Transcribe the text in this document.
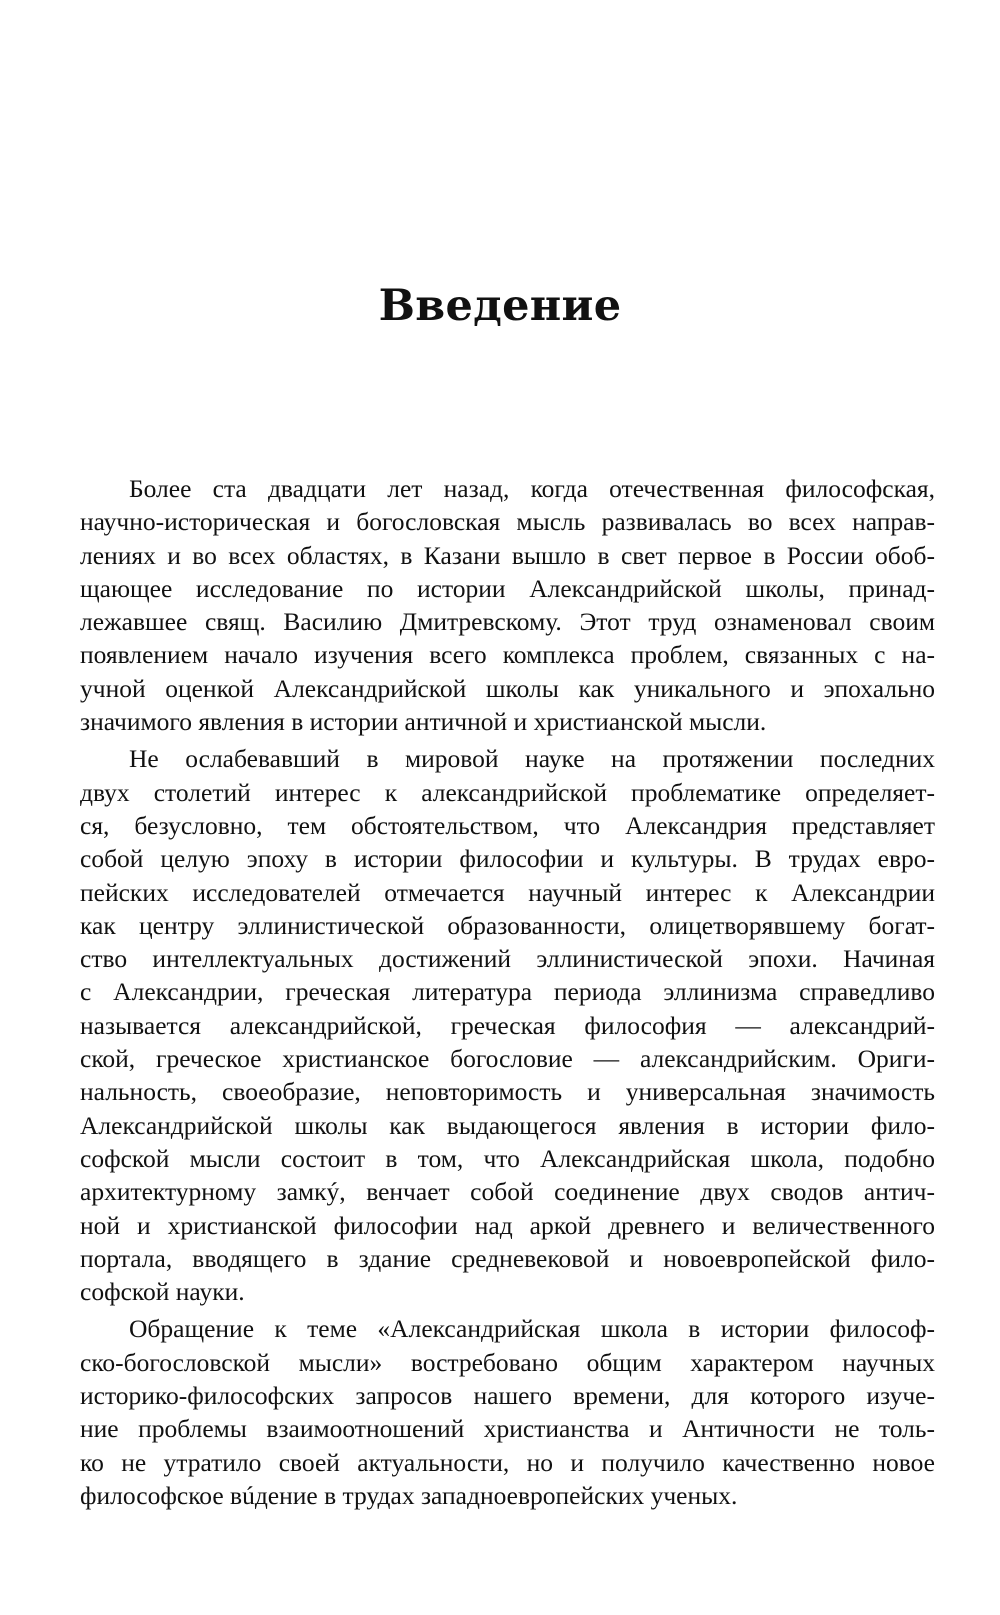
Введение

Более ста двадцати лет назад, когда отечественная философская,
научно-историческая и богословская мысль развивалась во всех направ-
лениях и во всех областях, в Казани вышло в свет первое в России обоб-
щающее исследование по истории Александрийской школы, принад-
лежавшее свящ. Василию Дмитревскому. Этот труд ознаменовал своим
появлением начало изучения всего комплекса проблем, связанных с на-
учной оценкой Александрийской школы как уникального и эпохально
значимого явления в истории античной и христианской мысли.

Не ослабевавший в мировой науке на протяжении последних
двух столетий интерес к александрийской проблематике определяет-
ся, безусловно, тем обстоятельством, что Александрия представляет
собой целую эпоху в истории философии и культуры. В трудах евро-
пейских исследователей отмечается научный интерес к Александрии
как центру эллинистической образованности, олицетворявшему богат-
ство интеллектуальных достижений эллинистической эпохи. Начиная
с Александрии, греческая литература периода эллинизма справедливо
называется александрийской, греческая философия — александрий-
ской, греческое христианское богословие — александрийским. Ориги-
нальность, своеобразие, неповторимость и универсальная значимость
Александрийской школы как выдающегося явления в истории фило-
софской мысли состоит в том, что Александрийская школа, подобно
архитектурному замкý, венчает собой соединение двух сводов антич-
ной и христианской философии над аркой древнего и величественного
портала, вводящего в здание средневековой и новоевропейской фило-
софской науки.

Обращение к теме «Александрийская школа в истории философ-
ско-богословской мысли» востребовано общим характером научных
историко-философских запросов нашего времени, для которого изуче-
ние проблемы взаимоотношений христианства и Античности не толь-
ко не утратило своей актуальности, но и получило качественно новое
философское вúдение в трудах западноевропейских ученых.
